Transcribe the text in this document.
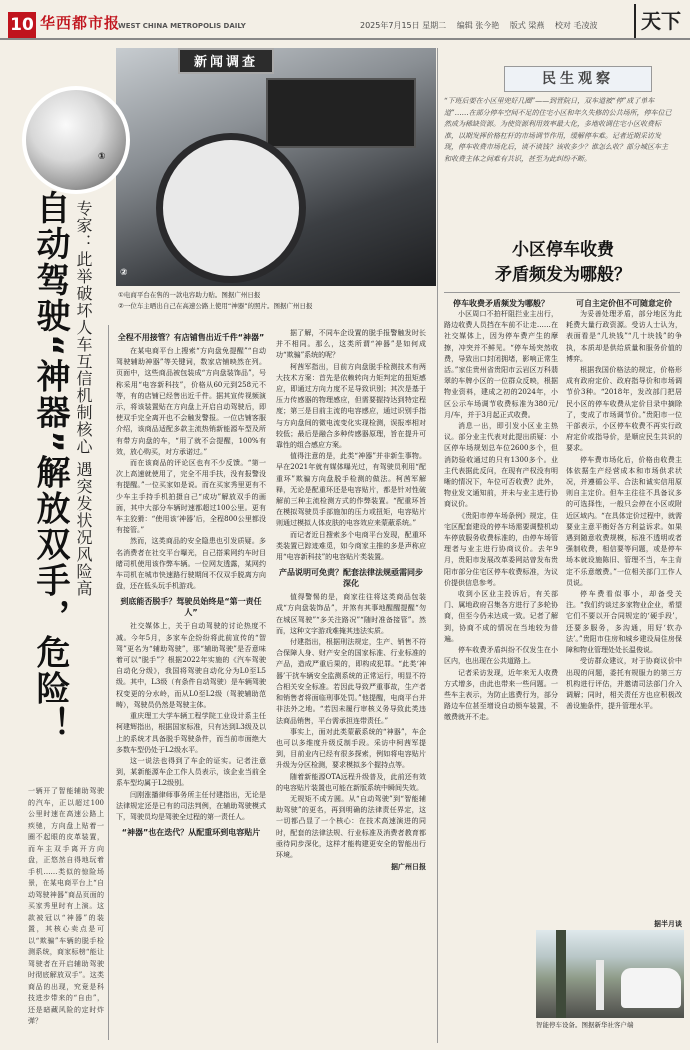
10 华西都市报
WEST CHINA METROPOLIS DAILY	2025年7月15日 星期二 编辑 张今艳 版式 梁燕 校对 毛凌波	天下
②
新闻调查
①
①电商平台在售的一款电容助力贴。图据广州日报
②一位车主晒出自己在高速公路上使用“神器”的照片。图据广州日报
自动驾驶“神器”解放双手，危险！ 专家：此举破坏人车互信机制核心 遇突发状况风险高
一辆开了智能辅助驾驶的汽车，正以超过100公里时速在高速公路上疾驰，方向盘上贴着一圈不起眼的皮革装置，而车主双手离开方向盘，正悠然自得地玩着手机……类似的惊险场景，在某电商平台上“自动驾驶神器”商品页面的买家秀里时有上演。这款被冠以“神器”的装置，其核心卖点是可以“欺骗”车辆的脱手检测系统，商家标榜“能让驾驶者在开启辅助驾驶时彻底解放双手”。这类商品的出现，究竟是科技进步带来的“自由”，还是暗藏风险的定时炸弹？
全程不用接管？有店铺售出近千件“神器”

在某电商平台上搜索“方向盘免提醒”“自动驾驶辅助神器”等关键词，数家店铺映然在列。页面中，这些商品被包装成“方向盘装饰品”，号称采用“电容新科技”，价格从60元到258元不等，有的店铺已经售出近千件。据其宣传视频演示，将该装置贴在方向盘上开启自动驾驶后，即使双手完全离开也不会触发警报。一位店铺客服介绍，该商品适配多款主流热销新能源车型及所有带方向盘的车，“用了就不会提醒，100%有效，放心购买，对方承诺过。”

而在该商品的评论区也有不少反馈。“第一次上高速就使用了，完全不用手扶，没有报警没有提醒。”一位买家如是说。而在买家秀里更有不少车主手持手机拍摄自己“成功”解放双手的画面，其中大部分车辆时速都超过100公里。更有车主狡猾：“使用该‘神器’后，全程800公里都没有接管。”

然而，这类商品的安全隐患也引发质疑。多名消费者在社交平台曝光，自己搭乘网约车时目睹司机使用该作弊车辆。一位网友透露，某网约车司机在城市快速路行驶期间不仅双手脱离方向盘，还在低头玩手机游戏。

到底能否脱手？驾驶员始终是“第一责任人”

社交媒体上，关于自动驾驶的讨论热度不减。今年5月，多家车企纷纷将此前宣传的“智驾”更名为“辅助驾驶”，那“辅助驾驶”是否意味着可以“脱手”？根据2022年实施的《汽车驾驶自动化分级》，我国将驾驶自动化分为L0至L5级。其中，L3级（有条件自动驾驶）是车辆驾驶权变更的分水岭，而从L0至L2级（驾驶辅助范畴），驾驶员仍然是驾驶主体。

重庆理工大学车辆工程学院工业设计系主任柯建辉指出，根据国家标准，只有达到L3级及以上的系统才具备脱手驾驶条件，而当前市面绝大多数车型仍处于L2级水平。

这一说法也得到了车企的证实。记者注意到，某新能源车企工作人员表示，该企业当前全系车型均属于L2级别。

闫刚涨播律师事务所主任付建指出，无论是法律规定还是已有的司法判例，在辅助驾驶模式下，驾驶员均是驾驶全过程的第一责任人。

“神器”也在迭代？从配重环到电容贴片

据了解，不同车企设置的脱手报警触发时长并不相同。那么，这类所谓“神器”是如何成功“欺骗”系统的呢？

柯茜军指出，目前方向盘脱手检测技术有两大技术方案：首先是依赖转向力矩判定的扭矩感应，即通过方向力度不足导致识别；其次是基于压力传感器的物理感应，但需要握持达到特定程度；第三是目前主流的电容感应，通过识别手指与方向盘间的微电流变化实现检测，误报率相对较低；最后是融合多种传感器原理，旨在提升可靠性的组合感应方案。

值得注意的是，此类“神器”并非新生事物。早在2021年就有媒体曝光过，有驾驶员利用“配重环”欺骗方向盘脱手检测的做法。柯茜军解释，无论是配重环还是电容贴片，都是针对性破解前三种主流检测方式的作弊装置。“配重环旨在模拟驾驶员手部施加的压力或扭矩，电容贴片则通过模拟人体皮肤的电容效应来蒙蔽系统。”

而记者近日搜索多个电商平台发现，配重环类装置已踪迹难觅，如今商家主推的多是声称应用“电容新科技”的电容贴片类装置。

产品说明可免责？配套法律法规亟需同步深化

值得警惕的是，商家往往将这类商品包装成“方向盘装饰品”，并煞有其事地醒醒提醒“勿在城区驾驶”“多关注路况”“随时准备接管”。然而，这种文字游戏难掩其违法实质。

付建指出，根据刑法规定，生产、销售不符合保障人身、财产安全的国家标准、行业标准的产品，造成严重后果的，即构成犯罪。“此类‘神器’干扰车辆安全监测系统的正常运行，明显不符合相关安全标准。若因此导致严重事故，生产者和销售者将面临刑事处罚。”他提醒，电商平台并非法外之地。“若因未履行审核义务导致此类违法商品销售，平台需承担连带责任。”

事实上，面对此类蒙蔽系统的“神器”，车企也可以多维度升级反制手段。采访中柯茜军提到，目前业内已经有很多探索，例如将电容贴片升级为分区检测，要求模拟多个握持点等。

随着新能源OTA远程升级普及，此前还有效的电容贴片装置也可能在新版系统中瞬间失效。

无规矩不成方圆。从“自动驾驶”到“智能辅助驾驶”的更名，再到明确的法律责任界定，这一切都凸显了一个核心：在技术高速演进的同时，配套的法律法规、行业标准及消费者教育都亟待同步深化，这样才能构建更安全的智能出行环境。

据广州日报
民生观察
“下班后要在小区里兜好几圈”——到晋院日，双车道被“停”成了单车道”……在部分停车空间不足的住宅小区和年久失修的公共场所，停车位已然成为稀缺资源。为使资源利用效率最大化，多地收调住宅小区收费标准，以期发挥价格杠杆的市场调节作用，缓解停车难。记者近期采访发现，停车收费市场化后，谈不谈钱？该收多少？谁怎么收？部分城区车主和收费主体之间难有共识，甚至为此纠纷不断。
小区停车收费
矛盾频发为哪般？
停车收费矛盾频发为哪般？

小区周口不拍杆阻拦业主出行，路边收费人员挡在车前不让走……在社交媒体上，因为停车费产生的摩擦，冲突并不鲜见。“停车场突然收费，导致出口封闭拥堵，影响正常生活。”家住贵州省贵阳市云岩区万科翡翠的车牌小区的一位群众反映，根据物业资料，建成之初的2024年，小区公示车场调节收费标准为380元/月/车，并于3月起正式收费。

消息一出，即引发小区业主热议。部分业主代表对此提出质疑：小区停车场规划总车位2600多个，但消防验收通过的只有1300多个。业主代表据此反问，在现有产权没有明晰的情况下，车位可否收费？此外，物业发文通知前，并未与业主进行协商议价。

《贵阳市停车场条例》规定，住宅区配套建设的停车场需要调整机动车停放服务收费标准的，由停车场管理者与业主进行协商议价。去年9月，贵阳市发展改革委网站曾发布贵阳市部分住宅区停车收费标准，为议价提供信息参考。

收到小区业主投诉后，有关部门、属地政府召集各方进行了多轮协商，但至今仍未达成一致。记者了解到，协商不成的情况在当地较为普遍。

停车收费矛盾纠纷不仅发生在小区内，也出现在公共道路上。

记者采访发现，近年来无人收费方式增多，由此也带来一些问题。一些车主表示，为防止逃费行为，部分路边车位甚至增设自动锁车装置，不缴费就开不走。

可自主定价但不可随意定价

为妥善处理矛盾，部分地区为此耗费大量行政资源。受访人士认为，表面看是“几块钱”“几十块钱”的争执，本质却是供给质量和服务价值的博弈。

根据我国价格法的规定，价格形成有政府定价、政府指导价和市场调节价3种。“2018年，发改部门把居民小区的停车收费从定价目录中摘除了，变成了市场调节价。”贵阳市一位干部表示，小区停车收费不再实行政府定价或指导价，是顺应民生共识的要求。

停车费市场化后，价格由收费主体依据生产经营成本和市场供求状况，并遵循公平、合法和诚实信用原则自主定价。但车主往往不具备议多的可选择性，一般只会停在小区或附近区域内。“在具体定价过程中，就需要业主意平衡好各方利益诉求。如果遇到随意收费规模，标准不透明或者强制收费，相信要等问题，或是停车场本就设施陈旧、管理不当，车主肯定不乐意缴费。”一位相关部门工作人员说。

停车费看似事小，却备受关注。“我们约谈过多家物业企业，希望它们不要以开合同规定的‘硬手段’，还要多服务，多沟通，用好‘软办法’。”贵阳市住房和城乡建设局住房保障和物业管理处处长温俊说。

受访群众建议，对于协商议价中出现的问题，委托有规服力的第三方机构进行评估，并邀请司法部门介入调解；同时，相关责任方也应积极改善设施条件，提升管理水平。

据半月谈
智能停车设备。图据新华社客户端
